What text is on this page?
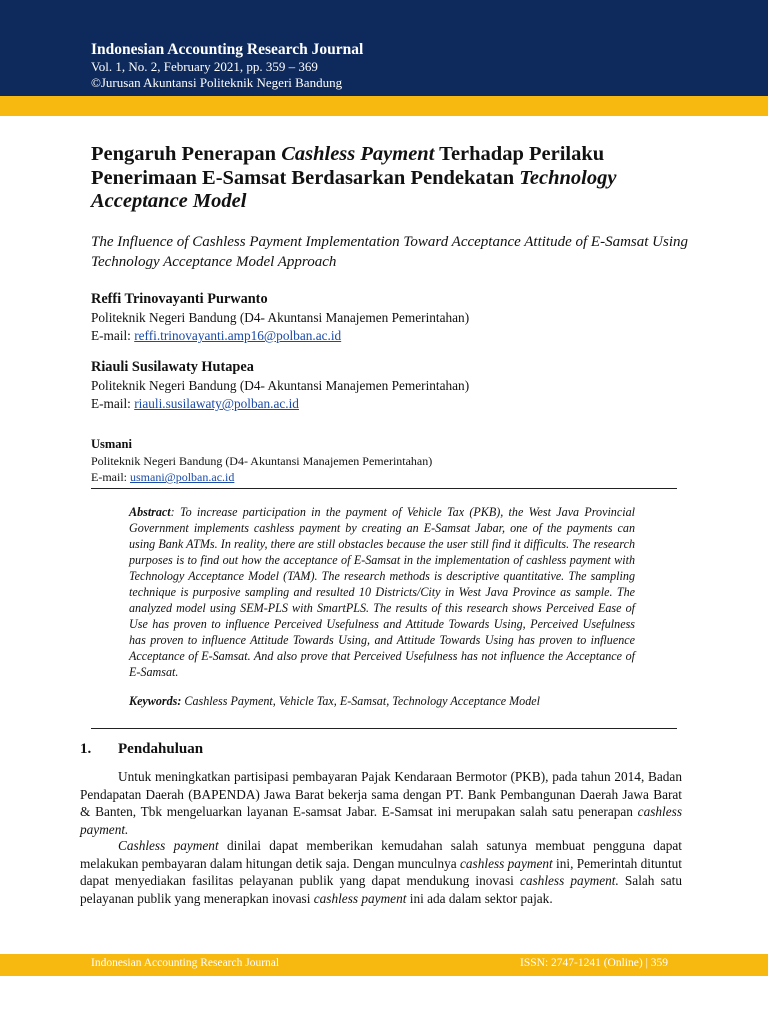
Indonesian Accounting Research Journal
Vol. 1, No. 2, February 2021, pp. 359 – 369
©Jurusan Akuntansi Politeknik Negeri Bandung
Pengaruh Penerapan Cashless Payment Terhadap Perilaku Penerimaan E-Samsat Berdasarkan Pendekatan Technology Acceptance Model
The Influence of Cashless Payment Implementation Toward Acceptance Attitude of E-Samsat Using Technology Acceptance Model Approach
Reffi Trinovayanti Purwanto
Politeknik Negeri Bandung (D4- Akuntansi Manajemen Pemerintahan)
E-mail: reffi.trinovayanti.amp16@polban.ac.id
Riauli Susilawaty Hutapea
Politeknik Negeri Bandung (D4- Akuntansi Manajemen Pemerintahan)
E-mail: riauli.susilawaty@polban.ac.id
Usmani
Politeknik Negeri Bandung (D4- Akuntansi Manajemen Pemerintahan)
E-mail: usmani@polban.ac.id
Abstract: To increase participation in the payment of Vehicle Tax (PKB), the West Java Provincial Government implements cashless payment by creating an E-Samsat Jabar, one of the payments can using Bank ATMs. In reality, there are still obstacles because the user still find it difficults. The research purposes is to find out how the acceptance of E-Samsat in the implementation of cashless payment with Technology Acceptance Model (TAM). The research methods is descriptive quantitative. The sampling technique is purposive sampling and resulted 10 Districts/City in West Java Province as sample. The analyzed model using SEM-PLS with SmartPLS. The results of this research shows Perceived Ease of Use has proven to influence Perceived Usefulness and Attitude Towards Using, Perceived Usefulness has proven to influence Attitude Towards Using, and Attitude Towards Using has proven to influence Acceptance of E-Samsat. And also prove that Perceived Usefulness has not influence the Acceptance of E-Samsat.
Keywords: Cashless Payment, Vehicle Tax, E-Samsat, Technology Acceptance Model
1. Pendahuluan
Untuk meningkatkan partisipasi pembayaran Pajak Kendaraan Bermotor (PKB), pada tahun 2014, Badan Pendapatan Daerah (BAPENDA) Jawa Barat bekerja sama dengan PT. Bank Pembangunan Daerah Jawa Barat & Banten, Tbk mengeluarkan layanan E-samsat Jabar. E-Samsat ini merupakan salah satu penerapan cashless payment.
Cashless payment dinilai dapat memberikan kemudahan salah satunya membuat pengguna dapat melakukan pembayaran dalam hitungan detik saja. Dengan munculnya cashless payment ini, Pemerintah dituntut dapat menyediakan fasilitas pelayanan publik yang dapat mendukung inovasi cashless payment. Salah satu pelayanan publik yang menerapkan inovasi cashless payment ini ada dalam sektor pajak.
Indonesian Accounting Research Journal	ISSN: 2747-1241 (Online) | 359
